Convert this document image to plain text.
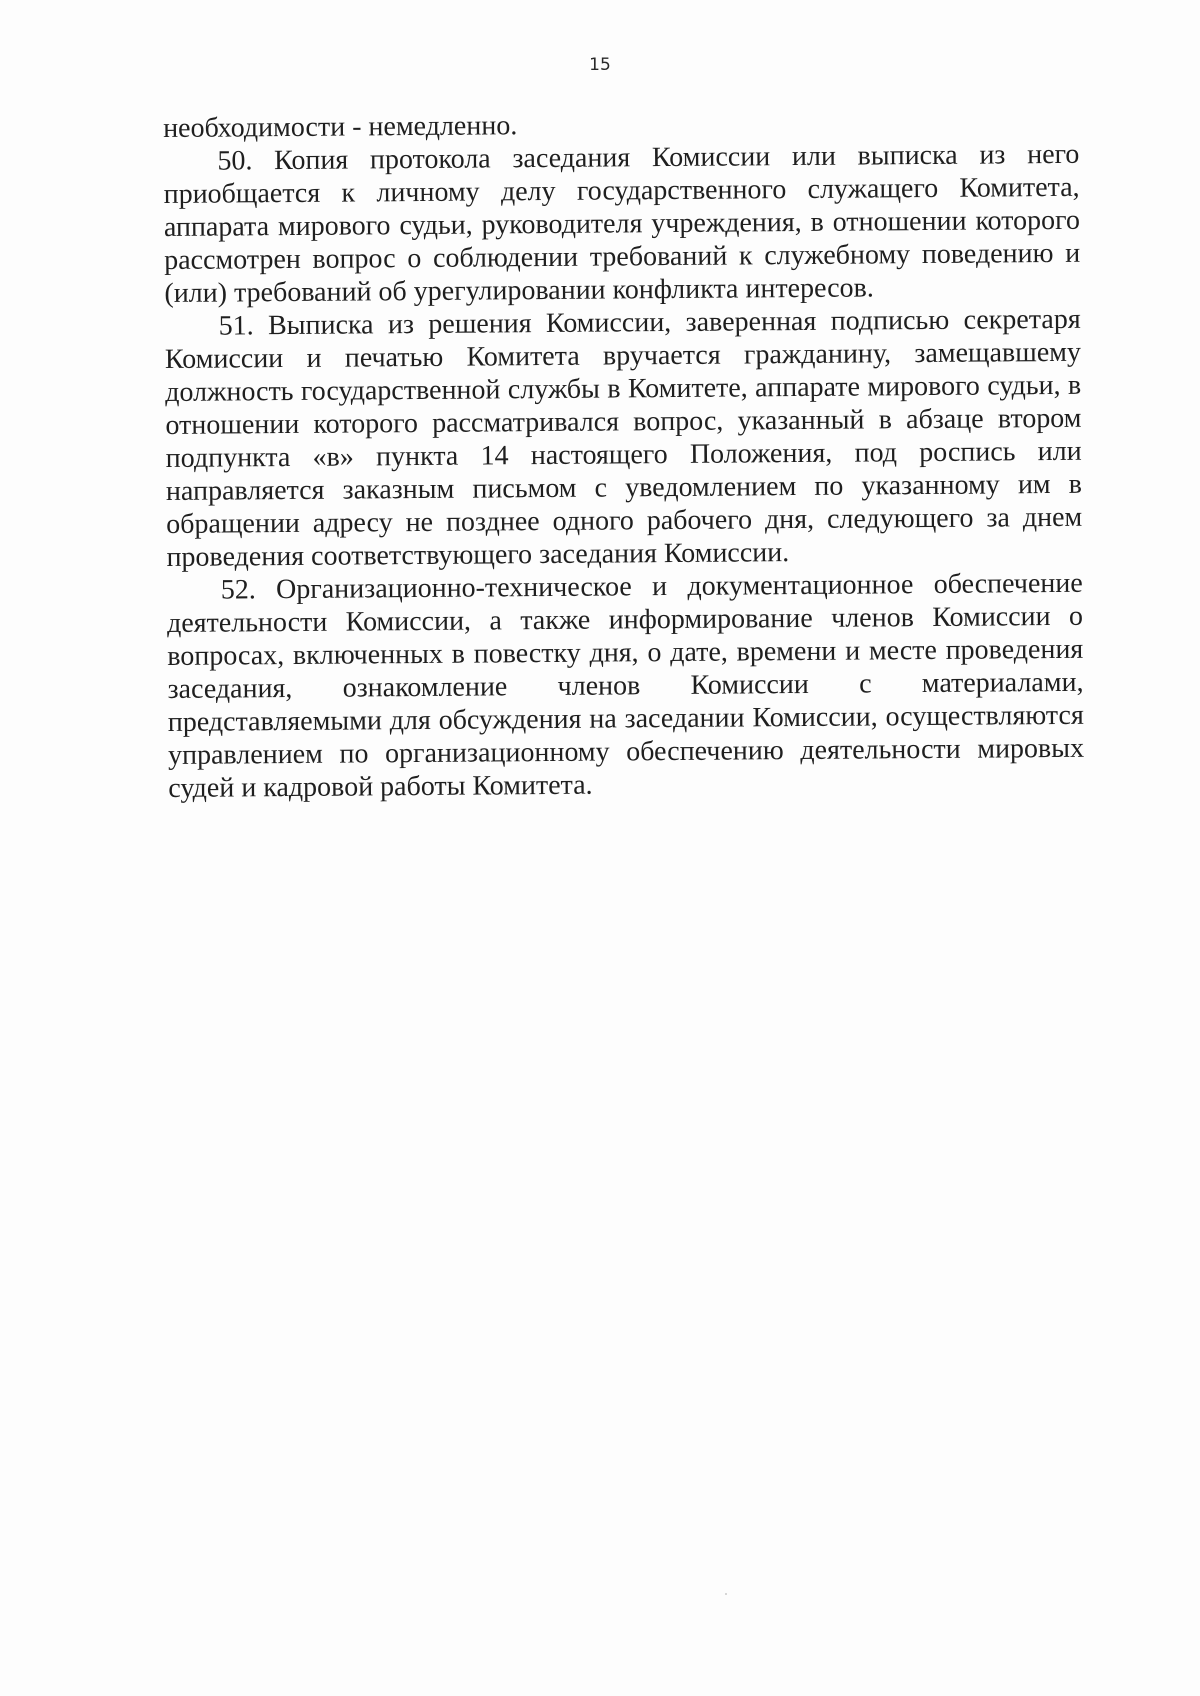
15

необходимости - немедленно.

50. Копия протокола заседания Комиссии или выписка из него приобщается к личному делу государственного служащего Комитета, аппарата мирового судьи, руководителя учреждения, в отношении которого рассмотрен вопрос о соблюдении требований к служебному поведению и (или) требований об урегулировании конфликта интересов.

51. Выписка из решения Комиссии, заверенная подписью секретаря Комиссии и печатью Комитета вручается гражданину, замещавшему должность государственной службы в Комитете, аппарате мирового судьи, в отношении которого рассматривался вопрос, указанный в абзаце втором подпункта «в» пункта 14 настоящего Положения, под роспись или направляется заказным письмом с уведомлением по указанному им в обращении адресу не позднее одного рабочего дня, следующего за днем проведения соответствующего заседания Комиссии.

52. Организационно-техническое и документационное обеспечение деятельности Комиссии, а также информирование членов Комиссии о вопросах, включенных в повестку дня, о дате, времени и месте проведения заседания, ознакомление членов Комиссии с материалами, представляемыми для обсуждения на заседании Комиссии, осуществляются управлением по организационному обеспечению деятельности мировых судей и кадровой работы Комитета.
